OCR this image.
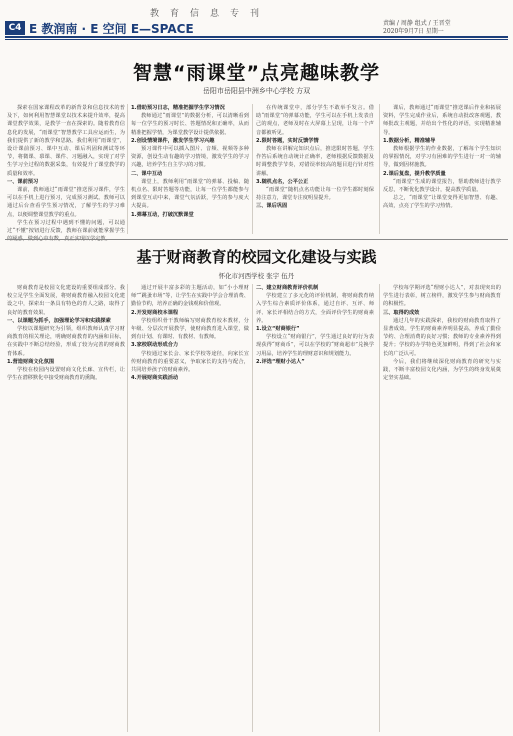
教育信息专刊
C4 E 教润南 · E 空间 E—SPACE	责编 / 周静 组式 / 王晋堂
2020年9月7日 星期一
智慧“雨课堂”点亮趣味教学
岳阳市岳阳县中洲乡中心学校 方双

探索在国家课程改革的新背景和信息技术的普及下，如何利用智慧课堂以技术来提升效率，提高课堂教学效果，是教学一直在探索的。随着教育信息化的发展，“雨课堂”智慧教学工具应运而生，为我们提供了新的教学和思路。我们利用“雨课堂”，设计课前预习、课中互动、课后巩固和测试等环节，将微课、慕课、课件、习题融入，实现了对学生学习全过程的数据采集，有效提升了课堂教学的质量和效率。

一、课前预习

课前，教师通过“雨课堂”推送预习课件，学生可以在手机上进行预习，完成预习测试。教师可以通过后台查看学生预习情况，了解学生的学习难点，以便调整课堂教学的重点。

学生在预习过程中遇到不懂的问题，可以通过“不懂”按钮进行反馈，教师在课前就能掌握学生

1.借助预习日志，精准把握学生学习情况

教师通过“雨课堂”的数据分析，可以清晰看到每一位学生的预习时长、答题情况和正确率，从而精准把握学情，为课堂教学设计提供依据。

2.创设情境课件，激发学生学习兴趣

预习课件中可以插入图片、音频、视频等多种资源，创设生动有趣的学习情境，激发学生的学习兴趣，培养学生自主学习的习惯。

二、课中互动

课堂上，教师利用“雨课堂”的弹幕、投稿、随机点名、限时答题等功能，让每一位学生都能参与到课堂互动中来，课堂气氛活跃，学生的参与度大大提高。

1.弹幕互动，打破沉默课堂

在传统课堂中，部分学生不敢举手发言。借助“雨课堂”的弹幕功能，学生可以在手机上发表自己的观点，老师及时在大屏幕上呈现，让每一个声音都被听见。

2.限时答题，实时反馈学情

教师在讲解完知识点后，推送限时答题，学生作答后系统自动统计正确率，老师根据反馈数据及时调整教学节奏，对错误率较高的题目进行针对性讲解。

3.随机点名，公平公正

“雨课堂”随机点名功能让每一位学生都时刻保持注意力，课堂专注度明显提升。

三、课后巩固

课后，教师通过“雨课堂”推送课后作业和拓展资料，学生完成作业后，系统自动批改客观题，教师批改主观题，并给出个性化的评语，实现精准辅导。

1.数据分析，精准辅导

教师根据学生的作业数据，了解每个学生知识的掌握情况，对学习有困难的学生进行一对一的辅导，做到因材施教。

2.课后复盘，提升教学质量

“雨课堂”生成的课堂报告，帮助教师进行教学反思，不断优化教学设计，提高教学质量。

总之，“雨课堂”让课堂变得更加智慧、有趣、高效，点亮了学生的学习热情。

基于财商教育的校园文化建设与实践
怀化市河西学校 张宇 伍丹

财商教育是校园文化建设的重要组成部分。我校立足学生全面发展，将财商教育融入校园文化建设之中，探索出一条具有特色的育人之路，取得了良好的教育效果。

一、以课题为抓手，加强理论学习和实践探索

学校以课题研究为引领，组织教师认真学习财商教育的相关理论，明确财商教育的内涵和目标，在实践中不断总结经验，形成了较为完善的财商教育体系。

1.营造财商文化氛围

学校在校园内设置财商文化长廊、宣传栏，让学生在潜移默化中接受财商教育的熏陶。

通过开展丰富多彩的主题活动，如“小小理财师”“跳蚤市场”等，让学生在实践中学会合理消费、勤俭节约，培养正确的金钱观和价值观。

2.开发财商校本课程

学校组织骨干教师编写财商教育校本教材，分年级、分层次开展教学，使财商教育进入课堂，做到有计划、有课时、有教材、有教师。

3.家校联动形成合力

学校通过家长会、家长学校等途径，向家长宣传财商教育的重要意义，争取家长的支持与配合，共同培养孩子的财商素养。

4.开展财商实践活动

二、建立财商教育评价机制

学校建立了多元化的评价机制，将财商教育纳入学生综合素质评价体系，通过自评、互评、师评、家长评相结合的方式，全面评价学生的财商素养。

1.设立“财商银行”

学校设立“财商银行”，学生通过良好的行为表现获得“财商币”，可以在学校的“财商超市”兑换学习用品，培养学生的理财意识和规划能力。

2.评选“理财小达人”

学校每学期评选“理财小达人”，对表现突出的学生进行表彰，树立榜样，激发学生参与财商教育的积极性。

三、取得的成效

通过几年的实践探索，我校的财商教育取得了显著成效。学生的财商素养明显提高，养成了勤俭节约、合理消费的良好习惯；教师的专业素养得到提升；学校的办学特色更加鲜明，得到了社会和家长的广泛认可。

今后，我们将继续深化财商教育的研究与实践，不断丰富校园文化内涵，为学生的终身发展奠定坚实基础。
